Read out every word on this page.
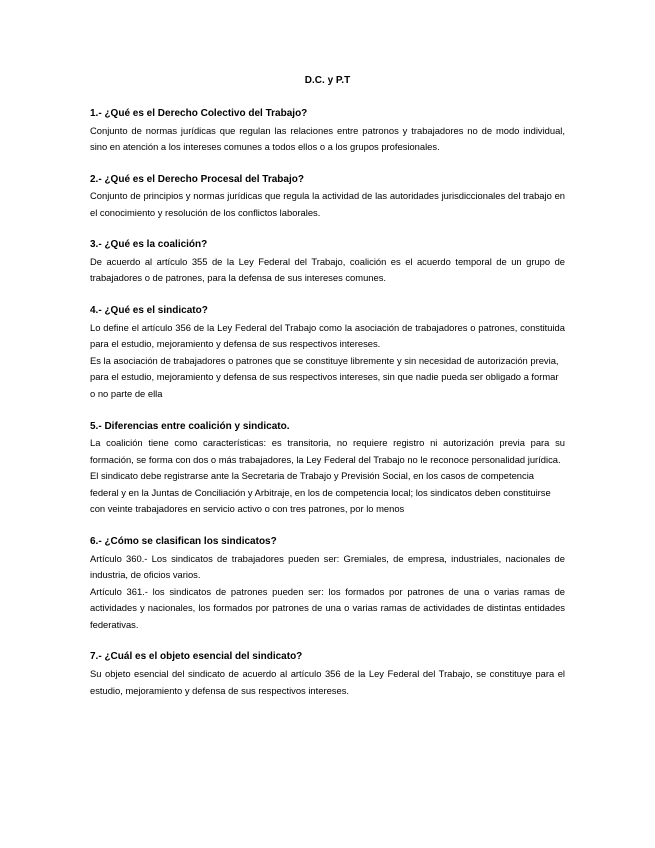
D.C. y P.T

1.- ¿Qué es el Derecho Colectivo del Trabajo?

Conjunto de normas jurídicas que regulan las relaciones entre patronos y trabajadores no de modo individual, sino en atención a los intereses comunes a todos ellos o a los grupos profesionales.

2.- ¿Qué es el Derecho Procesal del Trabajo?

Conjunto de principios y normas jurídicas que regula la actividad de las autoridades jurisdiccionales del trabajo en el conocimiento y resolución de los conflictos laborales.

3.- ¿Qué es la coalición?

De acuerdo al artículo 355 de la Ley Federal del Trabajo, coalición es el acuerdo temporal de un grupo de trabajadores o de patrones, para la defensa de sus intereses comunes.

4.- ¿Qué es el sindicato?

Lo define el artículo 356 de la Ley Federal del Trabajo como la asociación de trabajadores o patrones, constituida para el estudio, mejoramiento y defensa de sus respectivos intereses.

Es la asociación de trabajadores o patrones que se constituye libremente y sin necesidad de autorización previa, para el estudio, mejoramiento y defensa de sus respectivos intereses, sin que nadie pueda ser obligado a formar o no parte de ella

5.- Diferencias entre coalición y sindicato.

La coalición tiene como características: es transitoria, no requiere registro ni autorización previa para su formación, se forma con dos o más trabajadores, la Ley Federal del Trabajo no le reconoce personalidad jurídica.

El sindicato debe registrarse ante la Secretaria de Trabajo y Previsión Social, en los casos de competencia federal y en la Juntas de Conciliación y Arbitraje, en los de competencia local; los sindicatos deben constituirse con veinte trabajadores en servicio activo o con tres patrones, por lo menos

6.- ¿Cómo se clasifican los sindicatos?

Artículo 360.- Los sindicatos de trabajadores pueden ser: Gremiales, de empresa, industriales, nacionales de industria, de oficios varios.

Artículo 361.- los sindicatos de patrones pueden ser: los formados por patrones de una o varias ramas de actividades y nacionales, los formados por patrones de una o varias ramas de actividades de distintas entidades federativas.

7.- ¿Cuál es el objeto esencial del sindicato?

Su objeto esencial del sindicato de acuerdo al artículo 356 de la Ley Federal del Trabajo, se constituye para el estudio, mejoramiento y defensa de sus respectivos intereses.
